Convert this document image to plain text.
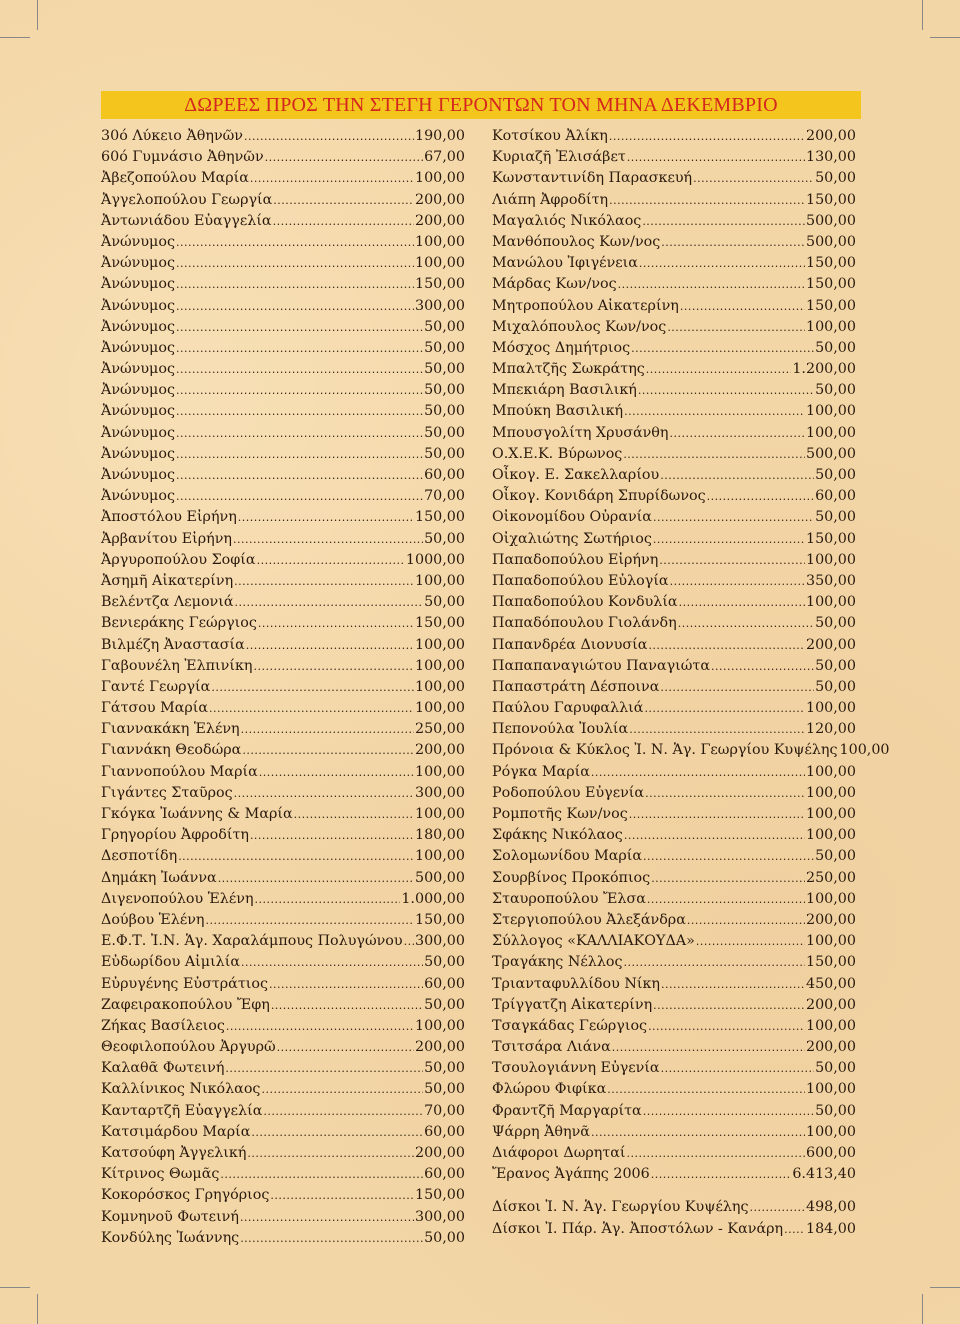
ΔΩΡΕΕΣ ΠΡΟΣ ΤΗΝ ΣΤΕΓΗ ΓΕΡΟΝΤΩΝ ΤΟΝ ΜΗΝΑ ΔΕΚΕΜΒΡΙΟ
30ό Λύκειο Ἀθηνῶν .....	190,00
60ό Γυμνάσιο Ἀθηνῶν .....	67,00
Ἀβεζοπούλου Μαρία .....	100,00
Ἀγγελοπούλου Γεωργία .....	200,00
Ἀντωνιάδου Εὐαγγελία .....	200,00
Ἀνώνυμος .....	100,00
Ἀνώνυμος .....	100,00
Ἀνώνυμος .....	150,00
Ἀνώνυμος .....	300,00
Ἀνώνυμος .....	50,00
Ἀνώνυμος .....	50,00
Ἀνώνυμος .....	50,00
Ἀνώνυμος .....	50,00
Ἀνώνυμος .....	50,00
Ἀνώνυμος .....	50,00
Ἀνώνυμος .....	50,00
Ἀνώνυμος .....	60,00
Ἀνώνυμος .....	70,00
Ἀποστόλου Εἰρήνη .....	150,00
Ἀρβανίτου Εἰρήνη .....	50,00
Ἀργυροπούλου Σοφία .....	1000,00
Ἀσημῆ Αἰκατερίνη .....	100,00
Βελέντζα Λεμονιά .....	50,00
Βενιεράκης Γεώργιος .....	150,00
Βιλμέζη Ἀναστασία .....	100,00
Γαβουνέλη Ἐλπινίκη .....	100,00
Γαντέ Γεωργία .....	100,00
Γάτσου Μαρία .....	100,00
Γιαννακάκη Ἑλένη .....	250,00
Γιαννάκη Θεοδώρα .....	200,00
Γιαννοπούλου Μαρία .....	100,00
Γιγάντες Σταῦρος .....	300,00
Γκόγκα Ἰωάννης & Μαρία .....	100,00
Γρηγορίου Ἀφροδίτη .....	180,00
Δεσποτίδη .....	100,00
Δημάκη Ἰωάννα .....	500,00
Διγενοπούλου Ἑλένη .....	1.000,00
Δούβου Ἑλένη .....	150,00
Ε.Φ.Τ. Ἰ.Ν. Ἁγ. Χαραλάμπους Πολυγώνου ..... 300,00
Εὐδωρίδου Αἰμιλία .....	50,00
Εὐρυγένης Εὐστράτιος .....	60,00
Ζαφειρακοπούλου Ἔφη .....	50,00
Ζήκας Βασίλειος .....	100,00
Θεοφιλοπούλου Ἀργυρῶ .....	200,00
Καλαθᾶ Φωτεινή .....	50,00
Καλλίνικος Νικόλαος .....	50,00
Κανταρτζῆ Εὐαγγελία .....	70,00
Κατσιμάρδου Μαρία .....	60,00
Κατσούφη Ἀγγελική .....	200,00
Κίτρινος Θωμᾶς .....	60,00
Κοκορόσκος Γρηγόριος .....	150,00
Κομνηνοῦ Φωτεινή .....	300,00
Κονδύλης Ἰωάννης .....	50,00
Κοτσίκου Ἀλίκη .....	200,00
Κυριαζῆ Ἐλισάβετ .....	130,00
Κωνσταντινίδη Παρασκευή .....	50,00
Λιάπη Ἀφροδίτη .....	150,00
Μαγαλιός Νικόλαος .....	500,00
Μανθόπουλος Κων/νος .....	500,00
Μανώλου Ἰφιγένεια .....	150,00
Μάρδας Κων/νος .....	150,00
Μητροπούλου Αἰκατερίνη .....	150,00
Μιχαλόπουλος Κων/νος .....	100,00
Μόσχος Δημήτριος .....	50,00
Μπαλτζῆς Σωκράτης .....	1.200,00
Μπεκιάρη Βασιλική .....	50,00
Μπούκη Βασιλική .....	100,00
Μπουσγολίτη Χρυσάνθη .....	100,00
Ο.Χ.Ε.Κ. Βύρωνος .....	500,00
Οἶκογ. Ε. Σακελλαρίου .....	50,00
Οἶκογ. Κονιδάρη Σπυρίδωνος .....	60,00
Οἰκονομίδου Οὐρανία .....	50,00
Οἰχαλιώτης Σωτήριος .....	150,00
Παπαδοπούλου Εἰρήνη .....	100,00
Παπαδοπούλου Εὐλογία .....	350,00
Παπαδοπούλου Κονδυλία .....	100,00
Παπαδόπουλου Γιολάνδη .....	50,00
Παπανδρέα Διονυσία .....	200,00
Παπαπαναγιώτου Παναγιώτα .....	50,00
Παπαστράτη Δέσποινα .....	50,00
Παύλου Γαρυφαλλιά .....	100,00
Πεπονούλα Ἰουλία .....	120,00
Πρόνοια & Κύκλος Ἰ. Ν. Ἁγ. Γεωργίου Κυψέλης 100,00
Ρόγκα Μαρία .....	100,00
Ροδοπούλου Εὐγενία .....	100,00
Ρομποτῆς Κων/νος .....	100,00
Σφάκης Νικόλαος .....	100,00
Σολομωνίδου Μαρία .....	50,00
Σουρβίνος Προκόπιος .....	250,00
Σταυροπούλου Ἔλσα .....	100,00
Στεργιοπούλου Ἀλεξάνδρα .....	200,00
Σύλλογος «ΚΑΛΛΙΑΚΟΥΔΑ» .....	100,00
Τραγάκης Νέλλος .....	150,00
Τριανταφυλλίδου Νίκη .....	450,00
Τρίγγατζη Αἰκατερίνη .....	200,00
Τσαγκάδας Γεώργιος .....	100,00
Τσιτσάρα Λιάνα .....	200,00
Τσουλογιάννη Εὐγενία .....	50,00
Φλώρου Φιφίκα .....	100,00
Φραντζῆ Μαργαρίτα .....	50,00
Ψάρρη Ἀθηνᾶ .....	100,00
Διάφοροι Δωρηταί .....	600,00
Ἔρανος Ἀγάπης 2006 .....	6.413,40
Δίσκοι Ἰ. Ν. Ἁγ. Γεωργίου Κυψέλης .....	498,00
Δίσκοι Ἰ. Πάρ. Ἁγ. Ἀποστόλων - Κανάρη ..... 184,00
